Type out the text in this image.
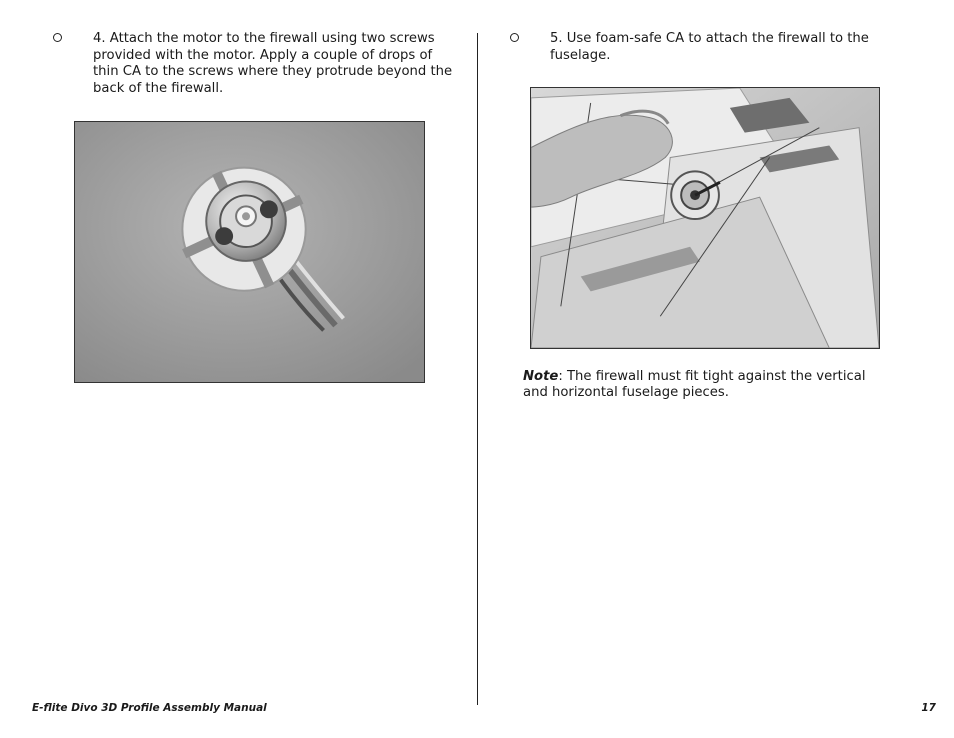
4. Attach the motor to the firewall using two screws provided with the motor. Apply a couple of drops of thin CA to the screws where they protrude beyond the back of the firewall.
5. Use foam-safe CA to attach the firewall to the fuselage.
Note: The firewall must fit tight against the vertical and horizontal fuselage pieces.
E-flite Divo 3D Profile Assembly Manual	17
